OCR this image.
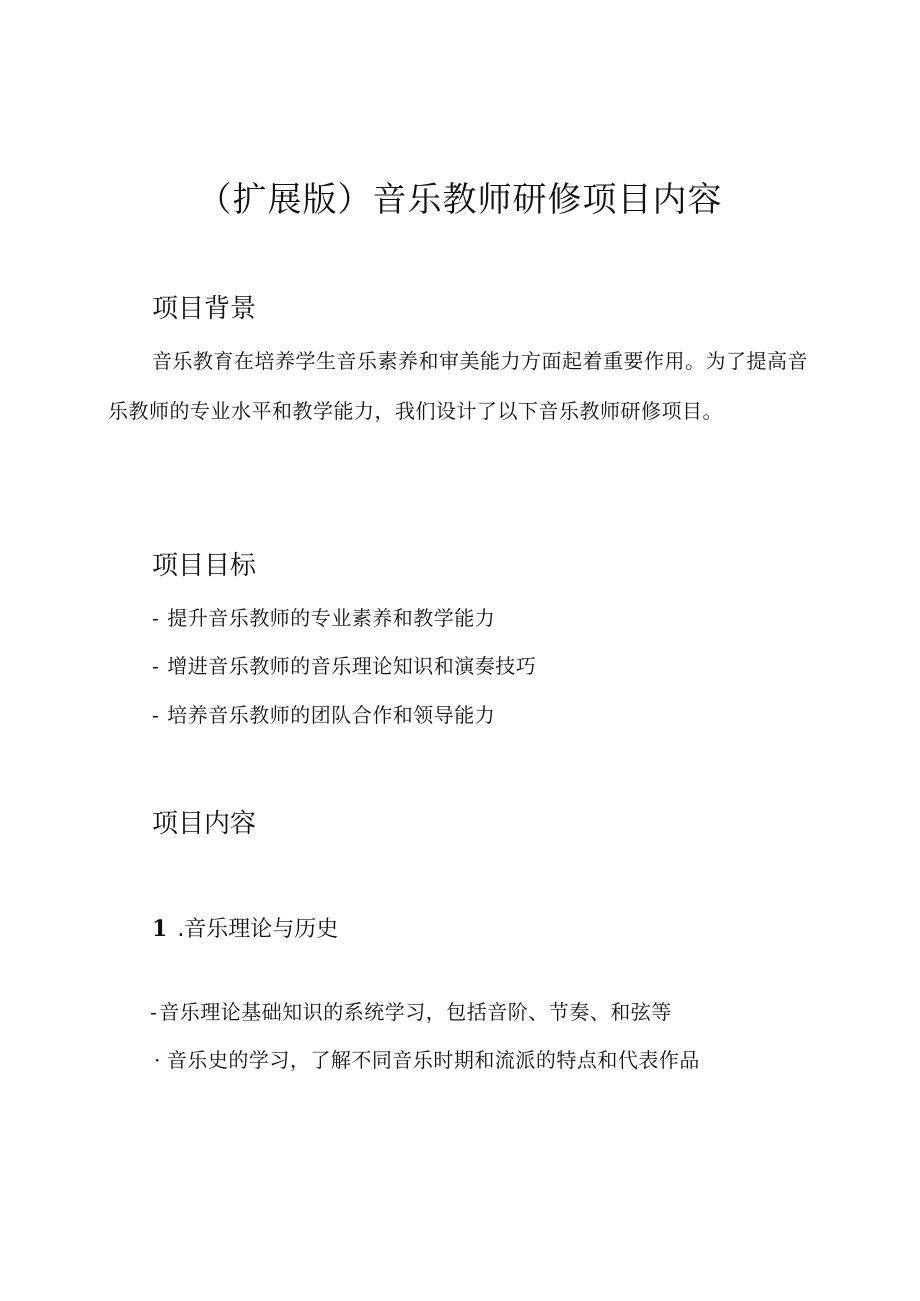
（扩展版）音乐教师研修项目内容
项目背景
音乐教育在培养学生音乐素养和审美能力方面起着重要作用。为了提高音乐教师的专业水平和教学能力，我们设计了以下音乐教师研修项目。
项目目标
- 提升音乐教师的专业素养和教学能力
- 增进音乐教师的音乐理论知识和演奏技巧
- 培养音乐教师的团队合作和领导能力
项目内容
1 .音乐理论与历史
- 音乐理论基础知识的系统学习，包括音阶、节奏、和弦等
· 音乐史的学习，了解不同音乐时期和流派的特点和代表作品
